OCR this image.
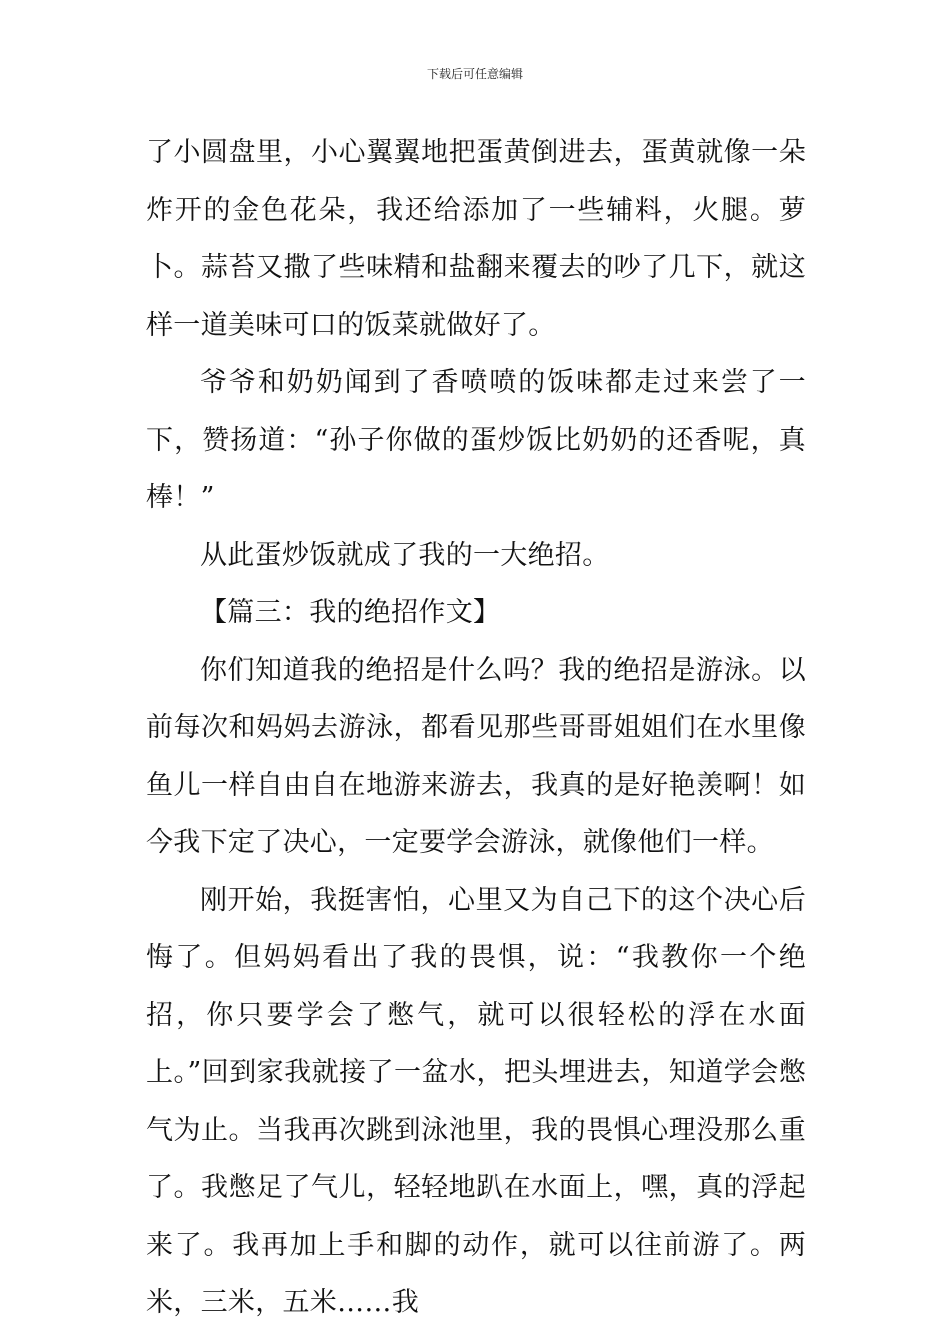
下载后可任意编辑

了小圆盘里，小心翼翼地把蛋黄倒进去，蛋黄就像一朵炸开的金色花朵，我还给添加了一些辅料，火腿。萝卜。蒜苔又撒了些味精和盐翻来覆去的吵了几下，就这样一道美味可口的饭菜就做好了。

爷爷和奶奶闻到了香喷喷的饭味都走过来尝了一下，赞扬道：“孙子你做的蛋炒饭比奶奶的还香呢，真棒！”

从此蛋炒饭就成了我的一大绝招。

【篇三：我的绝招作文】

你们知道我的绝招是什么吗？我的绝招是游泳。以前每次和妈妈去游泳，都看见那些哥哥姐姐们在水里像鱼儿一样自由自在地游来游去，我真的是好艳羡啊！如今我下定了决心，一定要学会游泳，就像他们一样。

刚开始，我挺害怕，心里又为自己下的这个决心后悔了。但妈妈看出了我的畏惧，说：“我教你一个绝招，你只要学会了憋气，就可以很轻松的浮在水面上。”回到家我就接了一盆水，把头埋进去，知道学会憋气为止。当我再次跳到泳池里，我的畏惧心理没那么重了。我憋足了气儿，轻轻地趴在水面上，嘿，真的浮起来了。我再加上手和脚的动作，就可以往前游了。两米，三米，五米……我
